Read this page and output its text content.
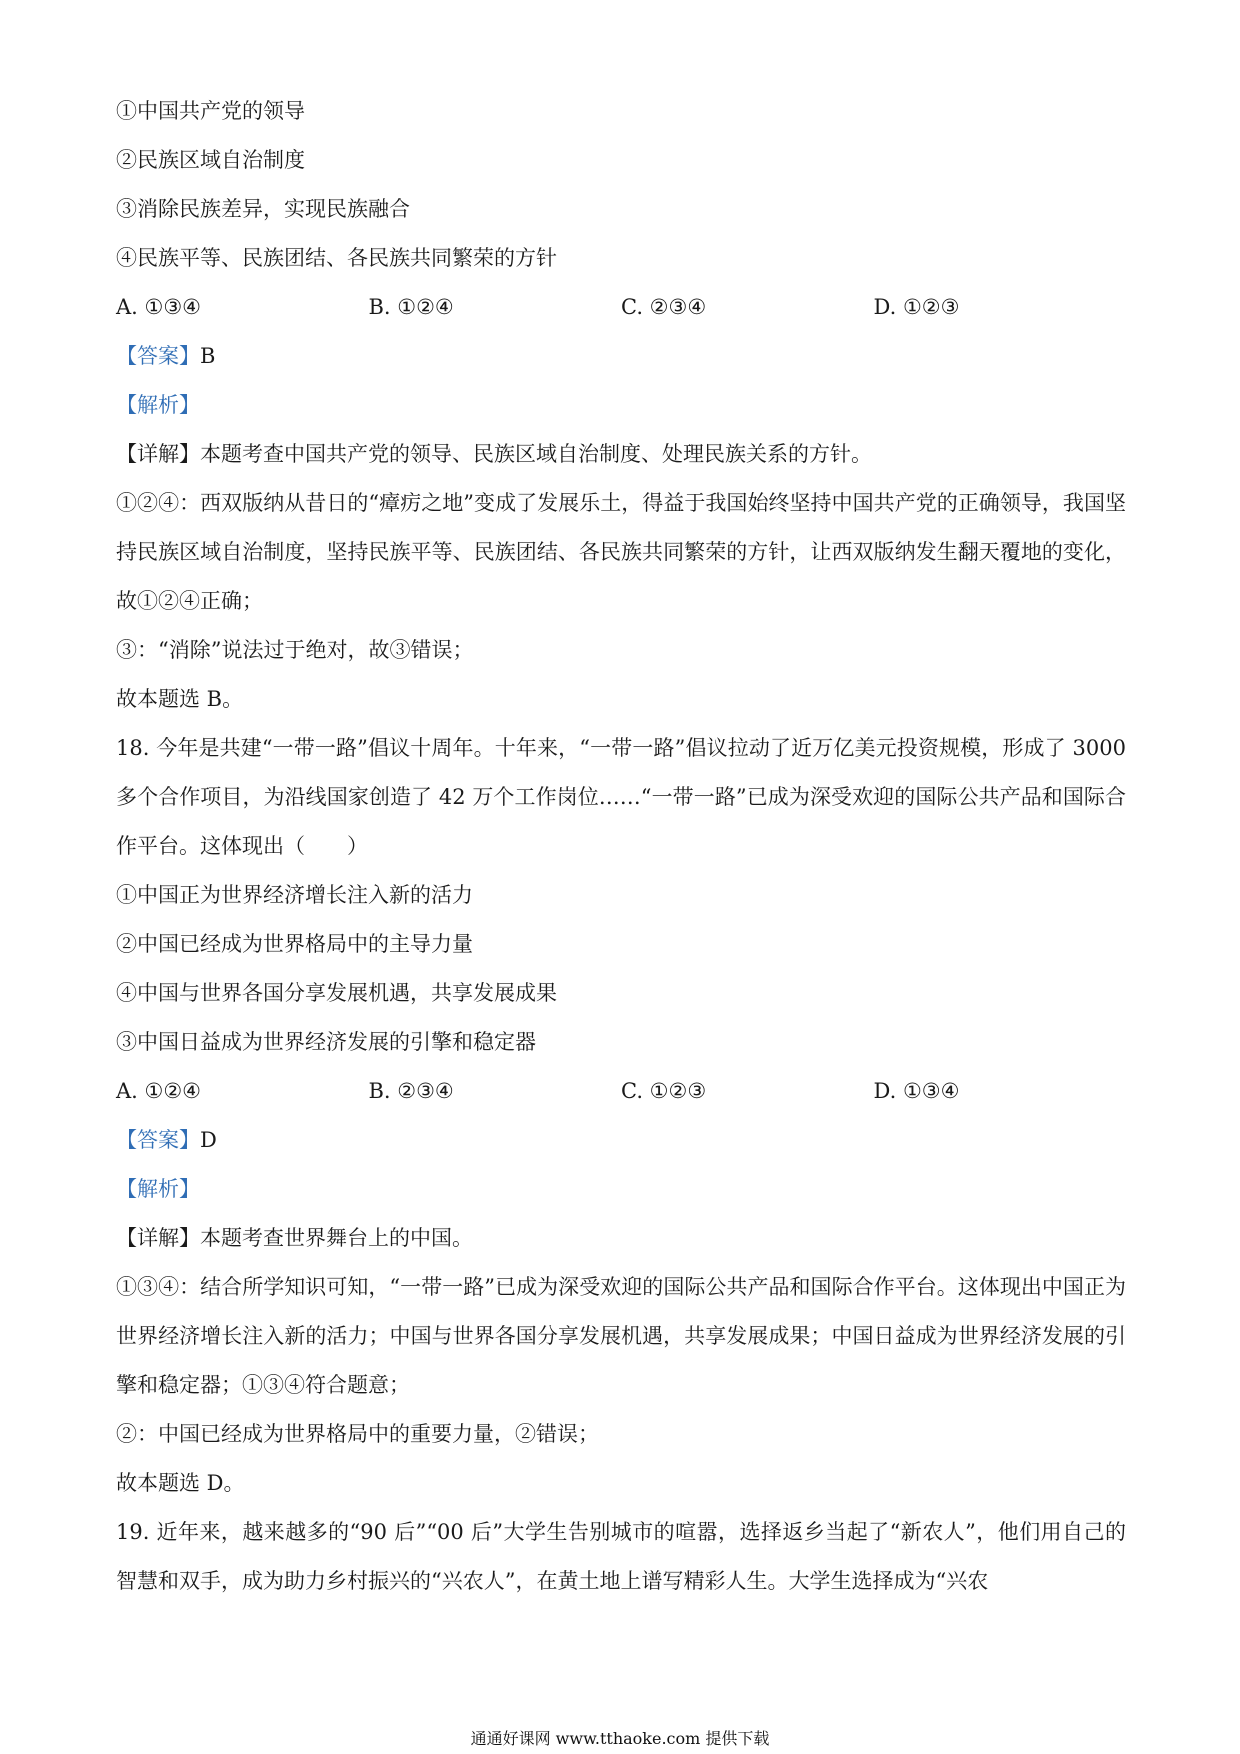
①中国共产党的领导
②民族区域自治制度
③消除民族差异，实现民族融合
④民族平等、民族团结、各民族共同繁荣的方针
A. ①③④	B. ①②④	C. ②③④	D. ①②③
【答案】B
【解析】
【详解】本题考查中国共产党的领导、民族区域自治制度、处理民族关系的方针。
①②④：西双版纳从昔日的“瘴疠之地”变成了发展乐土，得益于我国始终坚持中国共产党的正确领导，我国坚持民族区域自治制度，坚持民族平等、民族团结、各民族共同繁荣的方针，让西双版纳发生翻天覆地的变化，故①②④正确；
③：“消除”说法过于绝对，故③错误；
故本题选 B。
18. 今年是共建“一带一路”倡议十周年。十年来，“一带一路”倡议拉动了近万亿美元投资规模，形成了 3000 多个合作项目，为沿线国家创造了 42 万个工作岗位……“一带一路”已成为深受欢迎的国际公共产品和国际合作平台。这体现出（　　）
①中国正为世界经济增长注入新的活力
②中国已经成为世界格局中的主导力量
④中国与世界各国分享发展机遇，共享发展成果
③中国日益成为世界经济发展的引擎和稳定器
A. ①②④	B. ②③④	C. ①②③	D. ①③④
【答案】D
【解析】
【详解】本题考查世界舞台上的中国。
①③④：结合所学知识可知，“一带一路”已成为深受欢迎的国际公共产品和国际合作平台。这体现出中国正为世界经济增长注入新的活力；中国与世界各国分享发展机遇，共享发展成果；中国日益成为世界经济发展的引擎和稳定器；①③④符合题意；
②：中国已经成为世界格局中的重要力量，②错误；
故本题选 D。
19. 近年来，越来越多的“90 后”“00 后”大学生告别城市的喧嚣，选择返乡当起了“新农人”，他们用自己的智慧和双手，成为助力乡村振兴的“兴农人”，在黄土地上谱写精彩人生。大学生选择成为“兴农
通通好课网 www.tthaoke.com 提供下载
